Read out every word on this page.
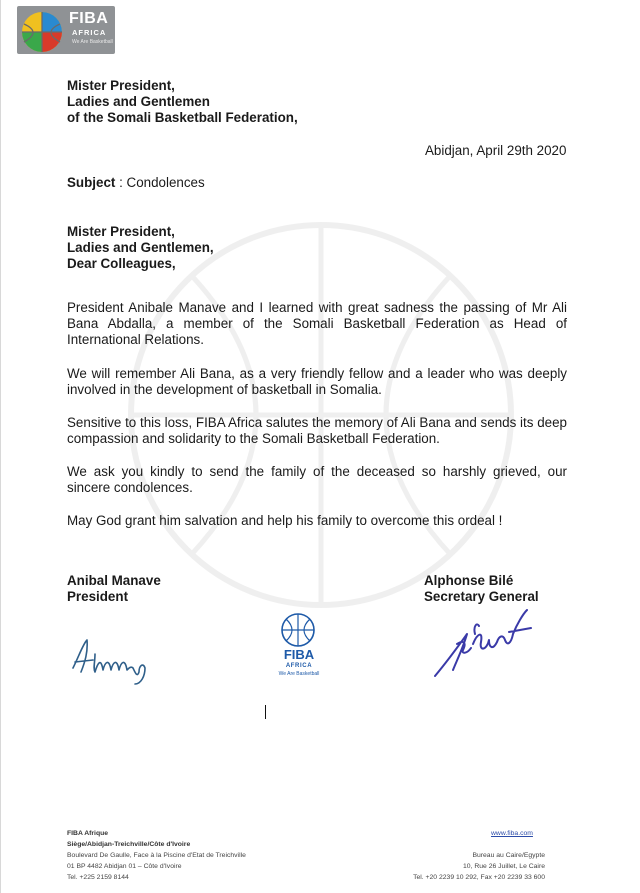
FIBA
AFRICA
We Are Basketball
Mister President,
Ladies and Gentlemen
of the Somali Basketball Federation,
Abidjan, April 29th 2020
Subject : Condolences
Mister President,
Ladies and Gentlemen,
Dear Colleagues,
President Anibale Manave and I learned with great sadness the passing of Mr Ali Bana Abdalla, a member of the Somali Basketball Federation as Head of International Relations.
We will remember Ali Bana, as a very friendly fellow and a leader who was deeply involved in the development of basketball in Somalia.
Sensitive to this loss, FIBA Africa salutes the memory of Ali Bana and sends its deep compassion and solidarity to the Somali Basketball Federation.
We ask you kindly to send the family of the deceased so harshly grieved, our sincere condolences.
May God grant him salvation and help his family to overcome this ordeal !
Anibal Manave
President
Alphonse Bilé
Secretary General
FIBA
AFRICA
We Are Basketball
FIBA Afrique
Siège/Abidjan-Treichville/Côte d'Ivoire
Boulevard De Gaulle, Face à la Piscine d'Etat de Treichville
01 BP 4482 Abidjan 01 – Côte d'Ivoire
Tel. +225 2159 8144
www.fiba.com
Bureau au Caire/Egypte
10, Rue 26 Juillet, Le Caire
Tel. +20 2239 10 292, Fax +20 2239 33 600
